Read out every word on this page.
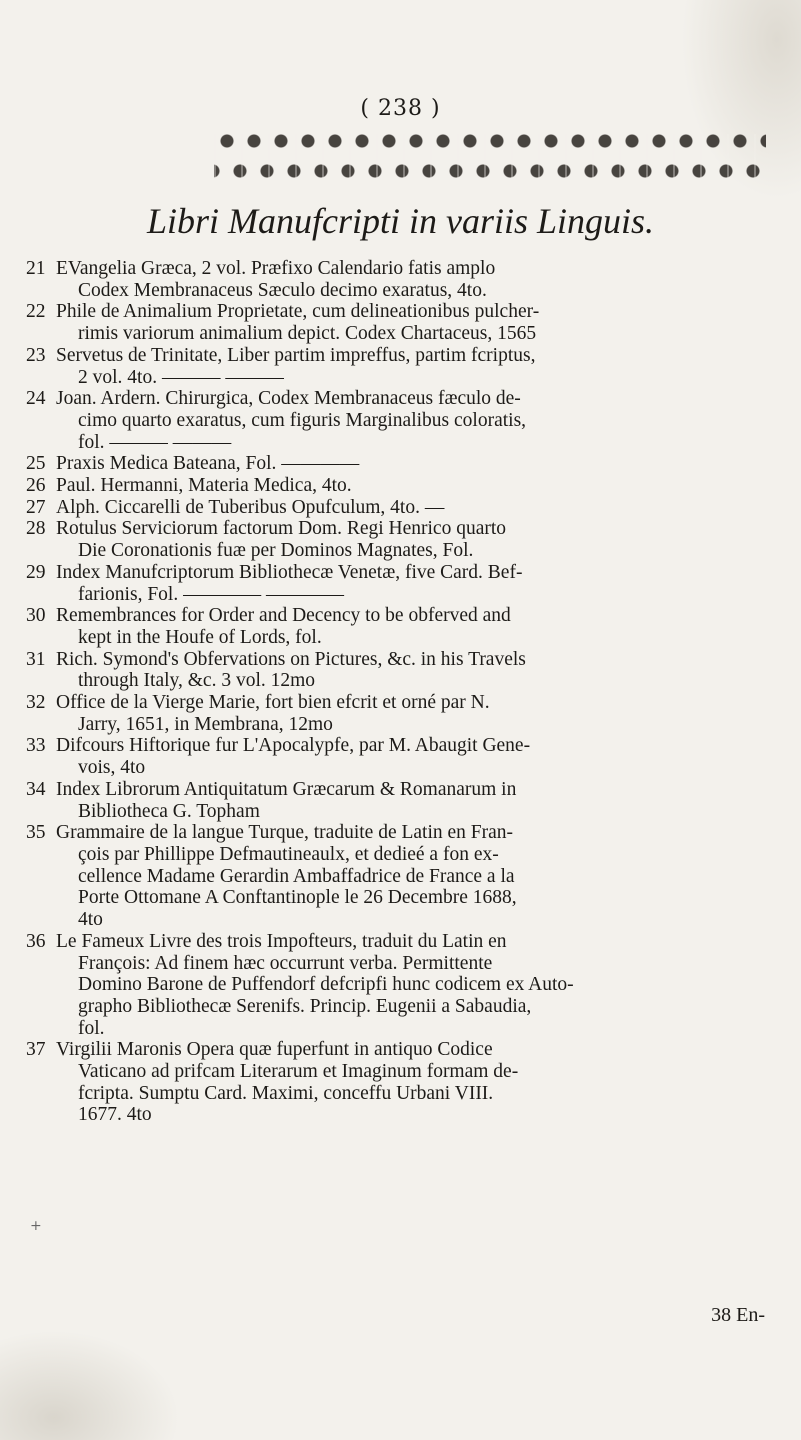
( 238 )
Libri Manufcripti in variis Linguis.
21 EVangelia Græca, 2 vol. Præfixo Calendario fatis amplo
Codex Membranaceus Sæculo decimo exaratus, 4to.
22 Phile de Animalium Proprietate, cum delineationibus pulcher-
rimis variorum animalium depict. Codex Chartaceus, 1565
23 Servetus de Trinitate, Liber partim impreffus, partim fcriptus,
2 vol. 4to. ——— ———
24 Joan. Ardern. Chirurgica, Codex Membranaceus fæculo de-
cimo quarto exaratus, cum figuris Marginalibus coloratis,
fol. ——— ———
25 Praxis Medica Bateana, Fol. ————
26 Paul. Hermanni, Materia Medica, 4to.
27 Alph. Ciccarelli de Tuberibus Opufculum, 4to. —
28 Rotulus Serviciorum factorum Dom. Regi Henrico quarto
Die Coronationis fuæ per Dominos Magnates, Fol.
29 Index Manufcriptorum Bibliothecæ Venetæ, five Card. Bef-
farionis, Fol. ———— ————
30 Remembrances for Order and Decency to be obferved and
kept in the Houfe of Lords, fol.
31 Rich. Symond's Obfervations on Pictures, &c. in his Travels
through Italy, &c. 3 vol. 12mo
32 Office de la Vierge Marie, fort bien efcrit et orné par N.
Jarry, 1651, in Membrana, 12mo
33 Difcours Hiftorique fur L'Apocalypfe, par M. Abaugit Gene-
vois, 4to
34 Index Librorum Antiquitatum Græcarum & Romanarum in
Bibliotheca G. Topham
35 Grammaire de la langue Turque, traduite de Latin en Fran-
çois par Phillippe Defmautineaulx, et dedieé a fon ex-
cellence Madame Gerardin Ambaffadrice de France a la
Porte Ottomane A Conftantinople le 26 Decembre 1688,
4to
36 Le Fameux Livre des trois Impofteurs, traduit du Latin en
François: Ad finem hæc occurrunt verba. Permittente
Domino Barone de Puffendorf defcripfi hunc codicem ex Auto-
grapho Bibliothecæ Serenifs. Princip. Eugenii a Sabaudia,
fol.
37 Virgilii Maronis Opera quæ fuperfunt in antiquo Codice
Vaticano ad prifcam Literarum et Imaginum formam de-
fcripta. Sumptu Card. Maximi, conceffu Urbani VIII.
1677. 4to
+
38 En-
